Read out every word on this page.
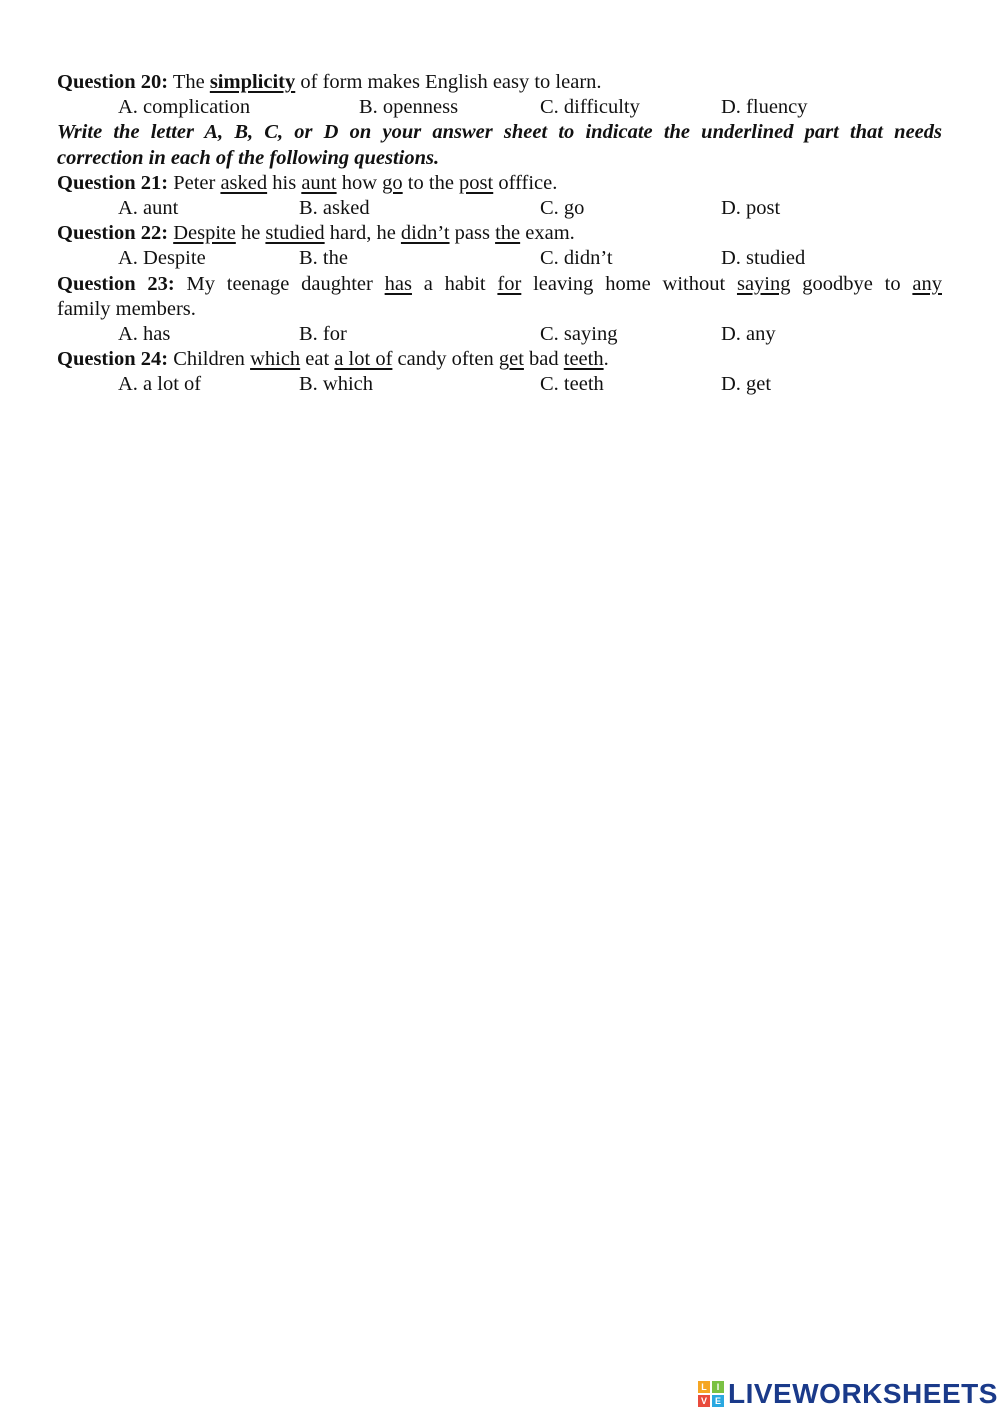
Question 20: The simplicity of form makes English easy to learn.
A. complication	B. openness	C. difficulty	D. fluency
Write the letter A, B, C, or D on your answer sheet to indicate the underlined part that needs
correction in each of the following questions.
Question 21: Peter asked his aunt how go to the post offfice.
A. aunt	B. asked	C. go	D. post
Question 22: Despite he studied hard, he didn’t pass the exam.
A. Despite	B. the	C. didn’t	D. studied
Question 23: My teenage daughter has a habit for leaving home without saying goodbye to any
family members.
A. has	B. for	C. saying	D. any
Question 24: Children which eat a lot of candy often get bad teeth.
A. a lot of	B. which	C. teeth	D. get
L	I
V E LIVEWORKSHEETS
